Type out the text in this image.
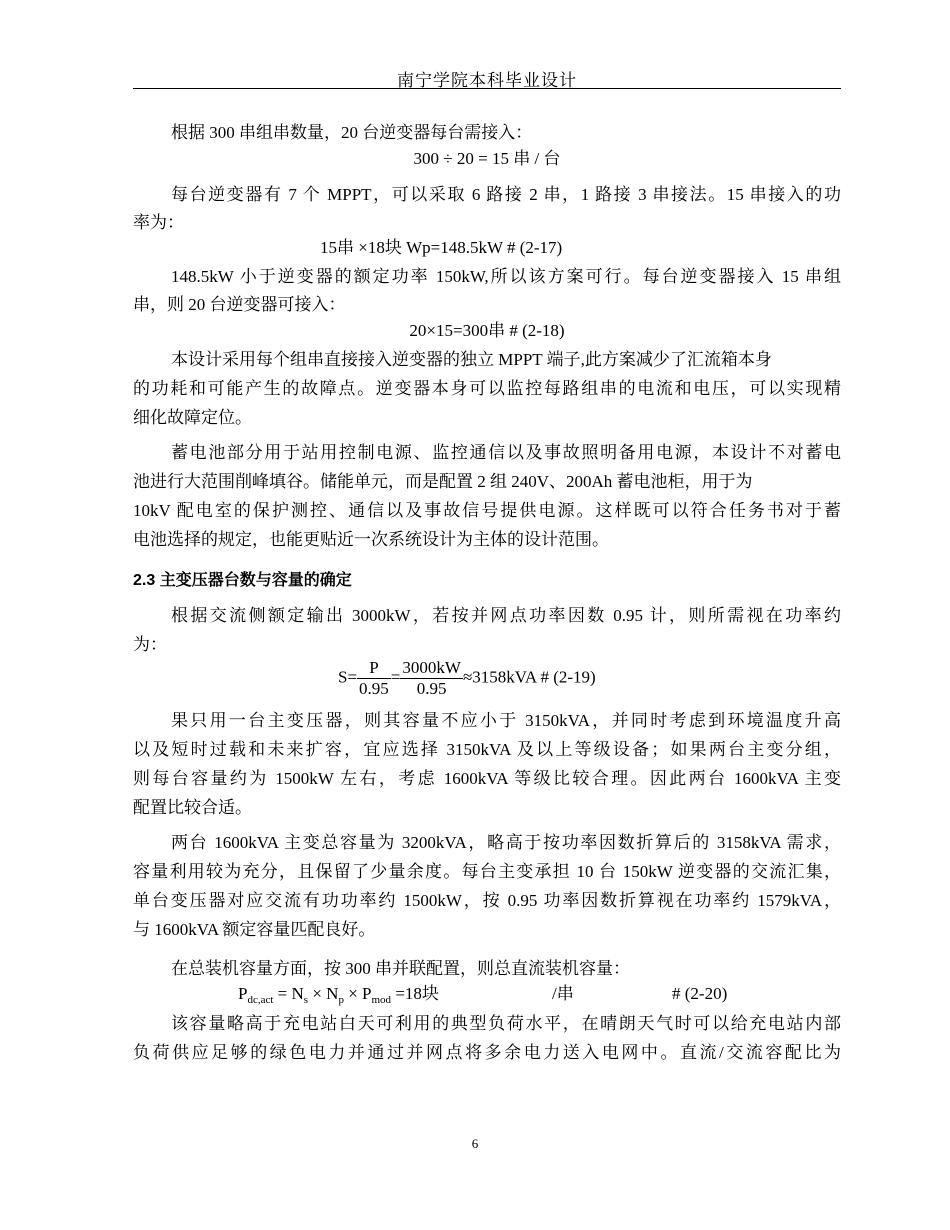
南宁学院本科毕业设计
根据 300 串组串数量，20 台逆变器每台需接入：
300 ÷ 20 = 15 串 / 台
每台逆变器有 7 个 MPPT，可以采取 6 路接 2 串，1 路接 3 串接法。15 串接入的功
率为：
15串 ×18块 Wp=148.5kW # (2-17)
148.5kW 小于逆变器的额定功率 150kW,所以该方案可行。每台逆变器接入 15 串组
串，则 20 台逆变器可接入：
20×15=300串 # (2-18)
本设计采用每个组串直接接入逆变器的独立 MPPT 端子,此方案减少了汇流箱本身
的功耗和可能产生的故障点。逆变器本身可以监控每路组串的电流和电压，可以实现精
细化故障定位。
蓄电池部分用于站用控制电源、监控通信以及事故照明备用电源，本设计不对蓄电
池进行大范围削峰填谷。储能单元，而是配置 2 组 240V、200Ah 蓄电池柜，用于为
10kV 配电室的保护测控、通信以及事故信号提供电源。这样既可以符合任务书对于蓄
电池选择的规定，也能更贴近一次系统设计为主体的设计范围。
2.3 主变压器台数与容量的确定
根据交流侧额定输出 3000kW，若按并网点功率因数 0.95 计，则所需视在功率约
为：
$S= \frac{P}{0.95} = \frac{3000kW}{0.95} \approx 3158kVA$ # (2-19)
果只用一台主变压器，则其容量不应小于 3150kVA，并同时考虑到环境温度升高
以及短时过载和未来扩容，宜应选择 3150kVA 及以上等级设备；如果两台主变分组，
则每台容量约为 1500kW 左右，考虑 1600kVA 等级比较合理。因此两台 1600kVA 主变
配置比较合适。
两台 1600kVA 主变总容量为 3200kVA，略高于按功率因数折算后的 3158kVA 需求，
容量利用较为充分，且保留了少量余度。每台主变承担 10 台 150kW 逆变器的交流汇集，
单台变压器对应交流有功功率约 1500kW，按 0.95 功率因数折算视在功率约 1579kVA，
与 1600kVA 额定容量匹配良好。
在总装机容量方面，按 300 串并联配置，则总直流装机容量：
$P_{dc,act} = N_s \times N_p \times P_{mod} =18$块	/串	# (2-20)
该容量略高于充电站白天可利用的典型负荷水平，在晴朗天气时可以给充电站内部
负荷供应足够的绿色电力并通过并网点将多余电力送入电网中。直流/交流容配比为
6
